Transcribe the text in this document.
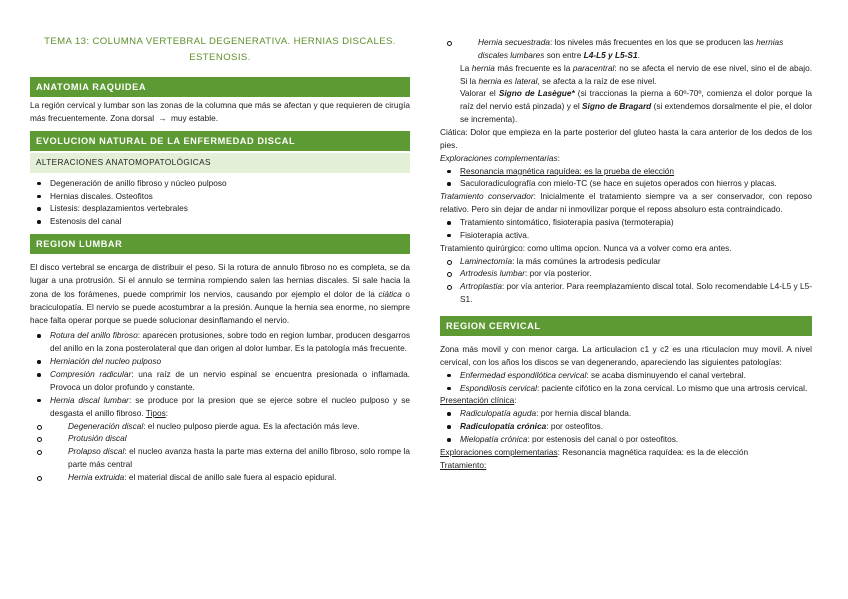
TEMA 13: COLUMNA VERTEBRAL DEGENERATIVA. HERNIAS DISCALES. ESTENOSIS.
ANATOMIA RAQUIDEA

La región cervical y lumbar son las zonas de la columna que más se afectan y que requieren de cirugía más frecuentemente. Zona dorsal → muy estable.

EVOLUCION NATURAL DE LA ENFERMEDAD DISCAL
ALTERACIONES ANATOMOPATOLÓGICAS
Degeneración de anillo fibroso y núcleo pulposo
Hernias discales. Osteofitos
Listesis: desplazamientos vertebrales
Estenosis del canal
REGION LUMBAR

El disco vertebral se encarga de distribuir el peso. Si la rotura de annulo fibroso no es completa, se da lugar a una protrusión. Si el annulo se termina rompiendo salen las hernias discales. Si sale hacia la zona de los forámenes, puede comprimir los nervios, causando por ejemplo el dolor de la ciática o braciculopatía. El nervio se puede acostumbrar a la presión. Aunque la hernia sea enorme, no siempre hace falta operar porque se puede solucionar desinflamando el nervio.

Rotura del anillo fibroso: aparecen protusiones, sobre todo en region lumbar, producen desgarros del anillo en la zona posterolateral que dan origen al dolor lumbar. Es la patología más frecuente.
Herniación del nucleo pulposo
Compresión radicular: una raíz de un nervio espinal se encuentra presionada o inflamada. Provoca un dolor profundo y constante.
Hernia discal lumbar: se produce por la presion que se ejerce sobre el nucleo pulposo y se desgasta el anillo fibroso. Tipos:
Degeneración discal: el nucleo pulposo pierde agua. Es la afectación más leve.
Protusión discal
Prolapso discal: el nucleo avanza hasta la parte mas externa del anillo fibroso, solo rompe la parte más central
Hernia extruida: el material discal de anillo sale fuera al espacio epidural.
Hernia secuestrada: los niveles más frecuentes en los que se producen las hernias discales lumbares son entre L4-L5 y L5-S1.

La hernia más frecuente es la paracentral: no se afecta el nervio de ese nivel, sino el de abajo. Si la hernia es lateral, se afecta a la raíz de ese nivel.

Valorar el Signo de Lasègue* (si traccionas la pierna a 60º-70º, comienza el dolor porque la raíz del nervio está pinzada) y el Signo de Bragard (si extendemos dorsalmente el pie, el dolor se incrementa).

Ciática: Dolor que empieza en la parte posterior del gluteo hasta la cara anterior de los dedos de los pies.

Exploraciones complementarias:

Resonancia magnética raquídea: es la prueba de elección
Saculoradiculografía con mielo-TC (se hace en sujetos operados con hierros y placas.

Tratamiento conservador: Inicialmente el tratamiento siempre va a ser conservador, con reposo relativo. Pero sin dejar de andar ni inmovilizar porque el reposs absoluro esta contraindicado.

Tratamiento sintomático, fisioterapia pasiva (termoterapia)
Fisioterapia activa.

Tratamiento quirúrgico: como ultima opcion. Nunca va a volver como era antes.

Laminectomía: la más comúnes la artrodesis pedicular
Artrodesis lumbar: por vía posterior.
Artroplastia: por vía anterior. Para reemplazamiento discal total. Solo recomendable L4-L5 y L5-S1.
REGION CERVICAL

Zona más movil y con menor carga. La articulacion c1 y c2 es una rticulacion muy movil. A nivel cervical, con los años los discos se van degenerando, apareciendo las siguientes patologías:

Enfermedad espondilótica cervical: se acaba disminuyendo el canal vertebral.
Espondilosis cervical: paciente cifótico en la zona cervical. Lo mismo que una artrosis cervical.

Presentación clínica:

Radiculopatía aguda: por hernia discal blanda.
Radiculopatía crónica: por osteofitos.
Mielopatía crónica: por estenosis del canal o por osteofitos.

Exploraciones complementarias: Resonancia magnética raquídea: es la de elección

Tratamiento:
